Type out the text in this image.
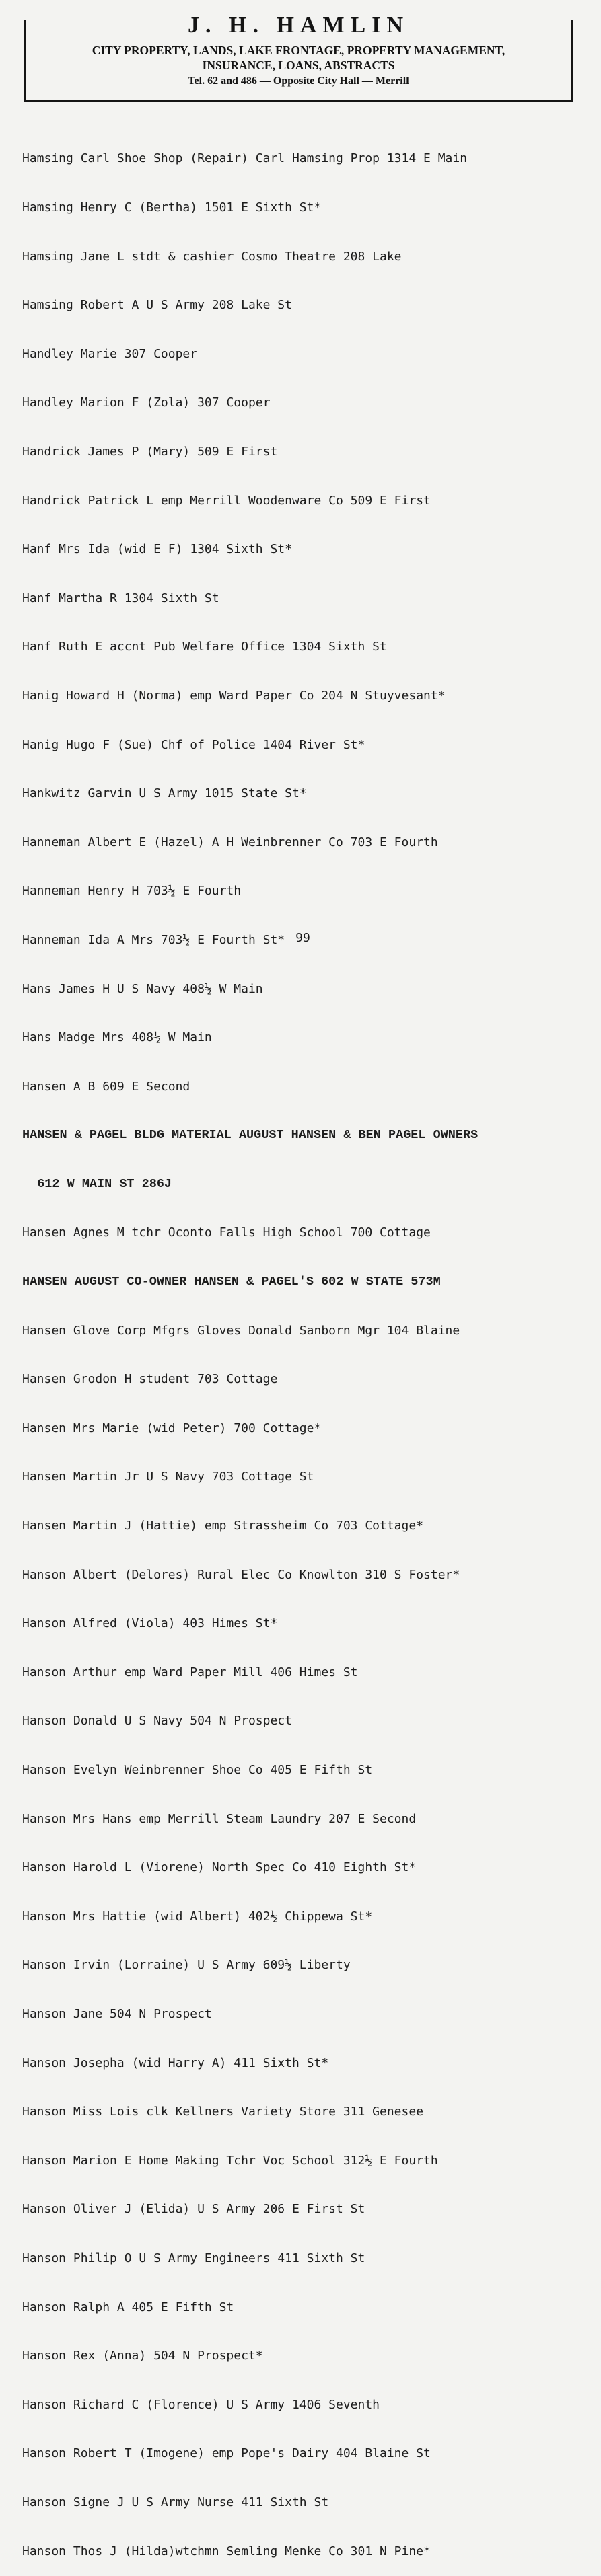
J. H. HAMLIN
CITY PROPERTY, LANDS, LAKE FRONTAGE, PROPERTY MANAGEMENT,
INSURANCE, LOANS, ABSTRACTS
Tel. 62 and 486 — Opposite City Hall — Merrill

Hamsing Carl Shoe Shop (Repair) Carl Hamsing Prop 1314 E Main

Hamsing Henry C (Bertha) 1501 E Sixth St*

Hamsing Jane L stdt & cashier Cosmo Theatre 208 Lake

Hamsing Robert A U S Army 208 Lake St

Handley Marie 307 Cooper

Handley Marion F (Zola) 307 Cooper

Handrick James P (Mary) 509 E First

Handrick Patrick L emp Merrill Woodenware Co 509 E First

Hanf Mrs Ida (wid E F) 1304 Sixth St*

Hanf Martha R 1304 Sixth St

Hanf Ruth E accnt Pub Welfare Office 1304 Sixth St

Hanig Howard H (Norma) emp Ward Paper Co 204 N Stuyvesant*

Hanig Hugo F (Sue) Chf of Police 1404 River St*

Hankwitz Garvin U S Army 1015 State St*

Hanneman Albert E (Hazel) A H Weinbrenner Co 703 E Fourth

Hanneman Henry H 703½ E Fourth

Hanneman Ida A Mrs 703½ E Fourth St*

Hans James H U S Navy 408½ W Main

Hans Madge Mrs 408½ W Main

Hansen A B 609 E Second

HANSEN & PAGEL BLDG MATERIAL AUGUST HANSEN & BEN PAGEL OWNERS

612 W MAIN ST 286J

Hansen Agnes M tchr Oconto Falls High School 700 Cottage

HANSEN AUGUST CO-OWNER HANSEN & PAGEL'S 602 W STATE 573M

Hansen Glove Corp Mfgrs Gloves Donald Sanborn Mgr 104 Blaine

Hansen Grodon H student 703 Cottage

Hansen Mrs Marie (wid Peter) 700 Cottage*

Hansen Martin Jr U S Navy 703 Cottage St

Hansen Martin J (Hattie) emp Strassheim Co 703 Cottage*

Hanson Albert (Delores) Rural Elec Co Knowlton 310 S Foster*

Hanson Alfred (Viola) 403 Himes St*

Hanson Arthur emp Ward Paper Mill 406 Himes St

Hanson Donald U S Navy 504 N Prospect

Hanson Evelyn Weinbrenner Shoe Co 405 E Fifth St

Hanson Mrs Hans emp Merrill Steam Laundry 207 E Second

Hanson Harold L (Viorene) North Spec Co 410 Eighth St*

Hanson Mrs Hattie (wid Albert) 402½ Chippewa St*

Hanson Irvin (Lorraine) U S Army 609½ Liberty

Hanson Jane 504 N Prospect

Hanson Josepha (wid Harry A) 411 Sixth St*

Hanson Miss Lois clk Kellners Variety Store 311 Genesee

Hanson Marion E Home Making Tchr Voc School 312½ E Fourth

Hanson Oliver J (Elida) U S Army 206 E First St

Hanson Philip O U S Army Engineers 411 Sixth St

Hanson Ralph A 405 E Fifth St

Hanson Rex (Anna) 504 N Prospect*

Hanson Richard C (Florence) U S Army 1406 Seventh

Hanson Robert T (Imogene) emp Pope's Dairy 404 Blaine St

Hanson Signe J U S Army Nurse 411 Sixth St

Hanson Thos J (Hilda)wtchmn Semling Menke Co 301 N Pine*

99
